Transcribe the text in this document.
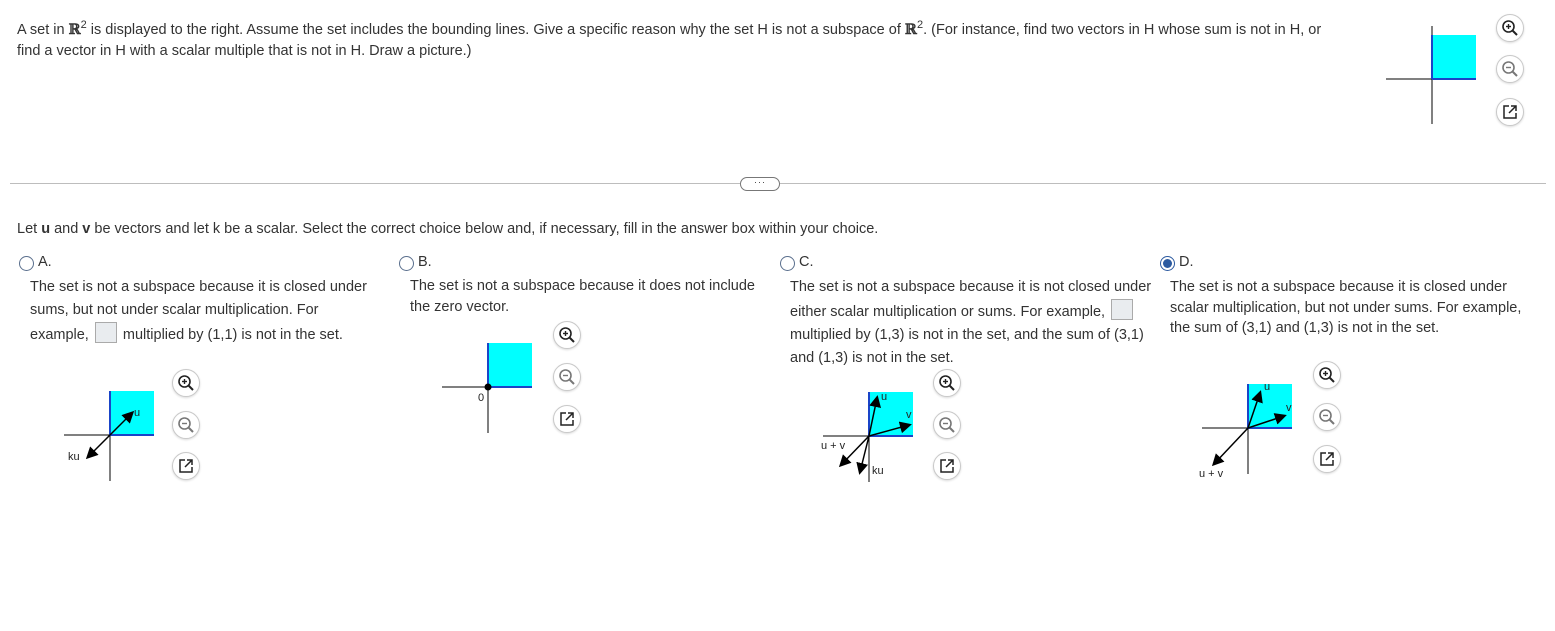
A set in ℝ$^2$ is displayed to the right. Assume the set includes the bounding lines. Give a specific reason why the set H is not a subspace of ℝ$^2$. (For instance, find two vectors in H whose sum is not in H, or find a vector in H with a scalar multiple that is not in H. Draw a picture.)
···
Let u and v be vectors and let k be a scalar. Select the correct choice below and, if necessary, fill in the answer box within your choice.
A.
The set is not a subspace because it is closed under sums, but not under scalar multiplication. For example,  multiplied by (1,1) is not in the set.
u
ku
B.
The set is not a subspace because it does not include the zero vector.
0
C.
The set is not a subspace because it is not closed under either scalar multiplication or sums. For example,  multiplied by (1,3) is not in the set, and the sum of (3,1) and (1,3) is not in the set.
u
v
u + v
ku
D.
The set is not a subspace because it is closed under scalar multiplication, but not under sums. For example, the sum of (3,1) and (1,3) is not in the set.
u
v
u + v
